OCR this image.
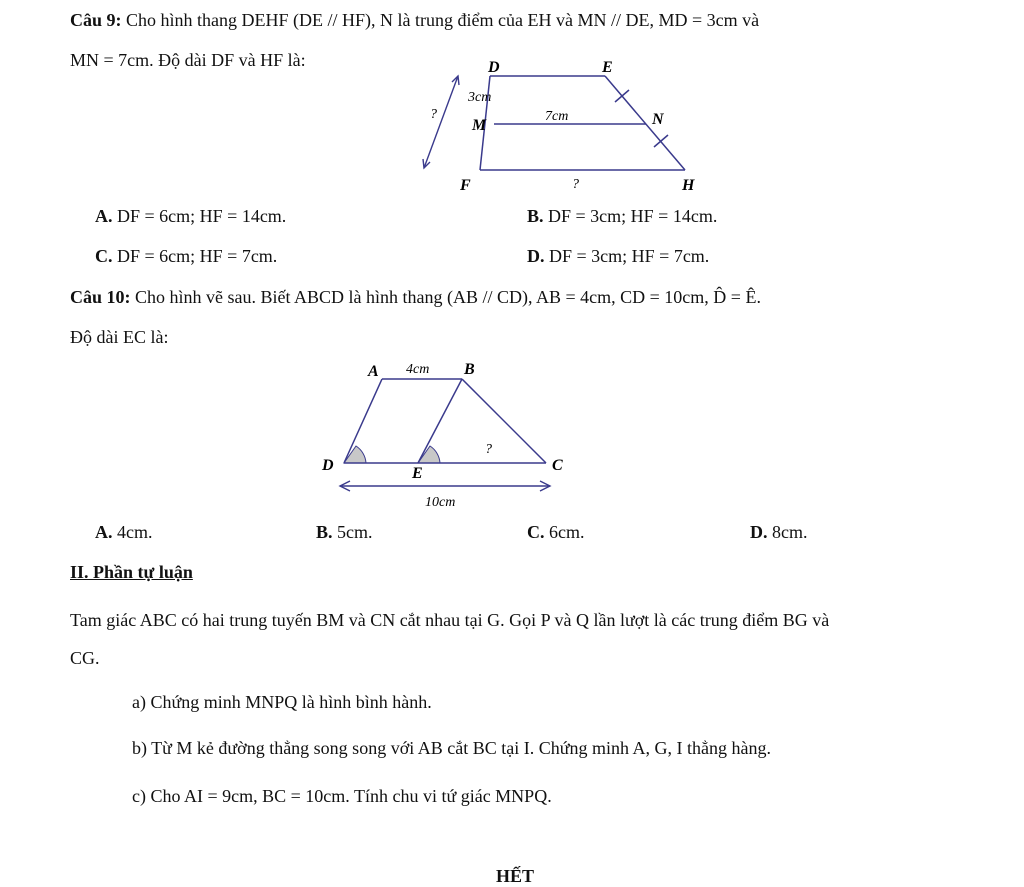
Câu 9: Cho hình thang DEHF (DE // HF), N là trung điểm của EH và MN // DE, MD = 3cm và
MN = 7cm. Độ dài DF và HF là:	D	E
M	N
F	H
3cm
7cm
?
?
A. DF = 6cm; HF = 14cm.	B. DF = 3cm; HF = 14cm.
C. DF = 6cm; HF = 7cm.	D. DF = 3cm; HF = 7cm.
Câu 10: Cho hình vẽ sau. Biết ABCD là hình thang (AB // CD), AB = 4cm, CD = 10cm, D̂ = Ê.
Độ dài EC là:
A	B
C
D	E
4cm
?
10cm
A. 4cm.	B. 5cm.	C. 6cm.	D. 8cm.
II. Phần tự luận
Tam giác ABC có hai trung tuyến BM và CN cắt nhau tại G. Gọi P và Q lần lượt là các trung điểm BG và
CG.
a) Chứng minh MNPQ là hình bình hành.
b) Từ M kẻ đường thẳng song song với AB cắt BC tại I. Chứng minh A, G, I thẳng hàng.
c) Cho AI = 9cm, BC = 10cm. Tính chu vi tứ giác MNPQ.
HẾT
